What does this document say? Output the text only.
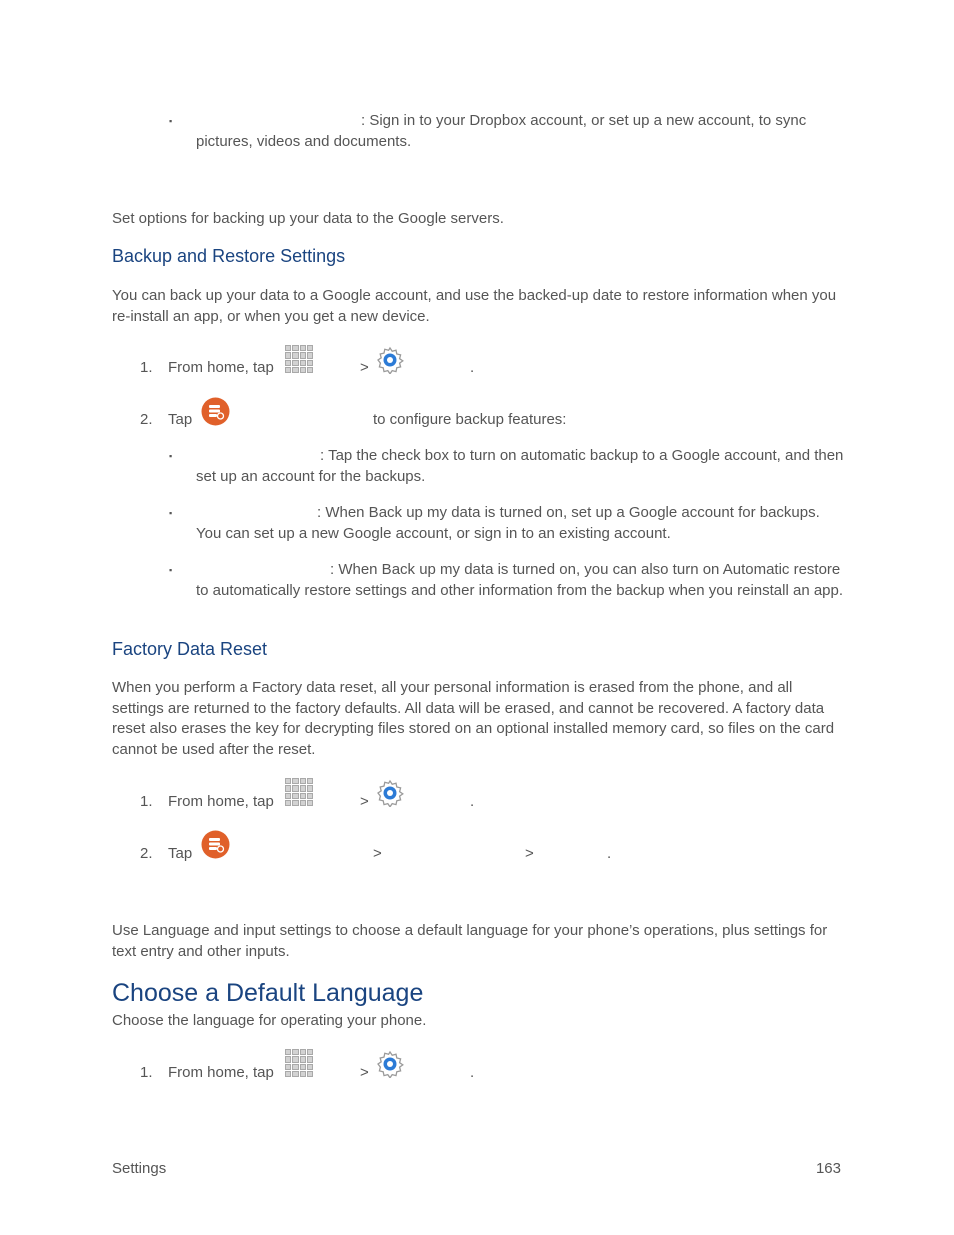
▪	: Sign in to your Dropbox account, or set up a new account, to sync pictures, videos and documents.
Set options for backing up your data to the Google servers.
Backup and Restore Settings
You can back up your data to a Google account, and use the backed-up date to restore information when you re-install an app, or when you get a new device.
1. From home, tap	>	.
2. Tap	to configure backup features:
▪	: Tap the check box to turn on automatic backup to a Google account, and then set up an account for the backups.
▪	: When Back up my data is turned on, set up a Google account for backups. You can set up a new Google account, or sign in to an existing account.
▪	: When Back up my data is turned on, you can also turn on Automatic restore to automatically restore settings and other information from the backup when you reinstall an app.
Factory Data Reset
When you perform a Factory data reset, all your personal information is erased from the phone, and all settings are returned to the factory defaults. All data will be erased, and cannot be recovered. A factory data reset also erases the key for decrypting files stored on an optional installed memory card, so files on the card cannot be used after the reset.
1. From home, tap	>	.
2. Tap	>	>	.
Use Language and input settings to choose a default language for your phone’s operations, plus settings for text entry and other inputs.
Choose a Default Language
Choose the language for operating your phone.
1. From home, tap	>	.
Settings	163
